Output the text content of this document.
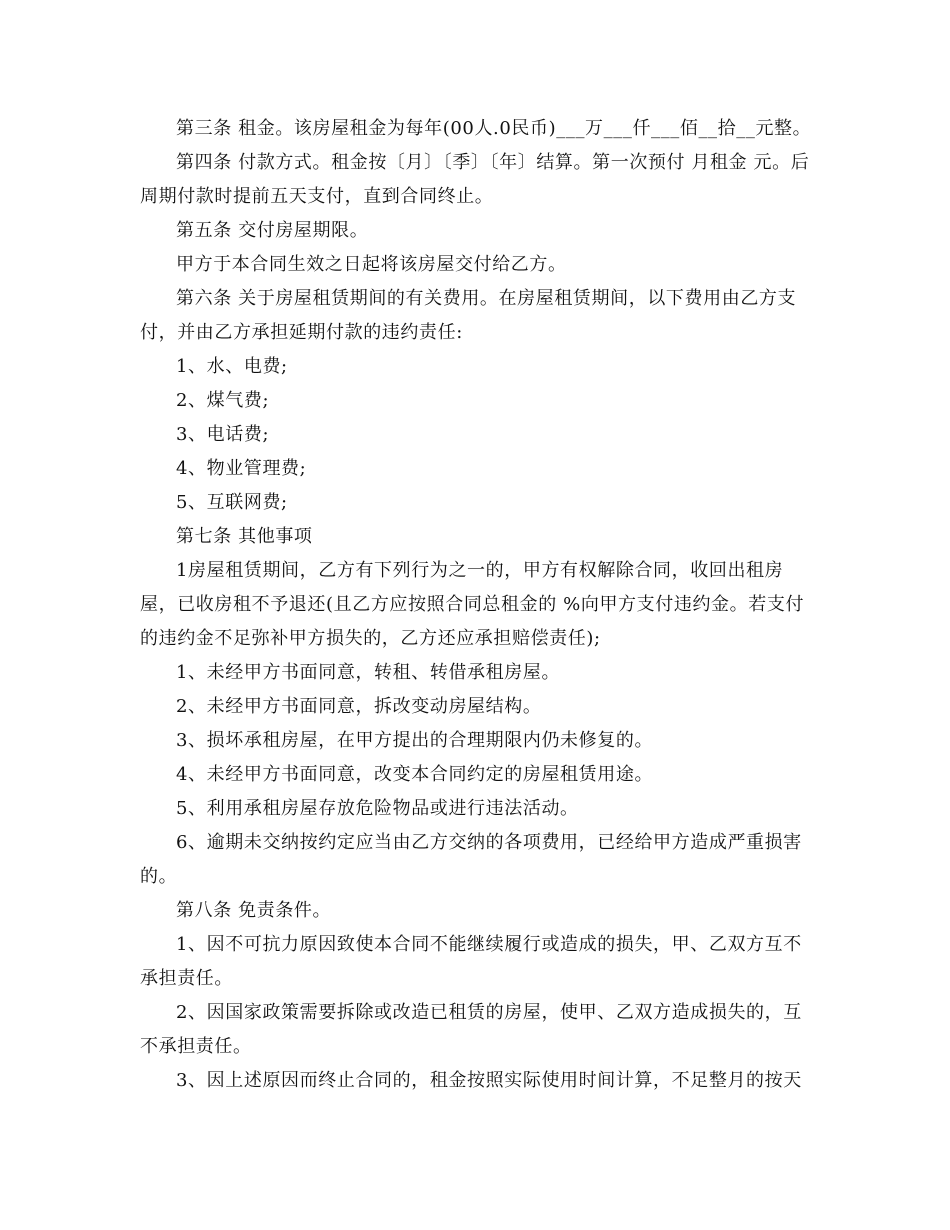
第三条 租金。该房屋租金为每年(00人.0民币)___万___仟___佰__拾__元整。

第四条 付款方式。租金按〔月〕〔季〕〔年〕结算。第一次预付 月租金 元。后周期付款时提前五天支付，直到合同终止。

第五条 交付房屋期限。

甲方于本合同生效之日起将该房屋交付给乙方。

第六条 关于房屋租赁期间的有关费用。在房屋租赁期间，以下费用由乙方支付，并由乙方承担延期付款的违约责任:

1、水、电费;

2、煤气费;

3、电话费;

4、物业管理费;

5、互联网费;

第七条 其他事项

1房屋租赁期间，乙方有下列行为之一的，甲方有权解除合同，收回出租房屋，已收房租不予退还(且乙方应按照合同总租金的 %向甲方支付违约金。若支付的违约金不足弥补甲方损失的，乙方还应承担赔偿责任);

1、未经甲方书面同意，转租、转借承租房屋。

2、未经甲方书面同意，拆改变动房屋结构。

3、损坏承租房屋，在甲方提出的合理期限内仍未修复的。

4、未经甲方书面同意，改变本合同约定的房屋租赁用途。

5、利用承租房屋存放危险物品或进行违法活动。

6、逾期未交纳按约定应当由乙方交纳的各项费用，已经给甲方造成严重损害的。

第八条 免责条件。

1、因不可抗力原因致使本合同不能继续履行或造成的损失，甲、乙双方互不承担责任。

2、因国家政策需要拆除或改造已租赁的房屋，使甲、乙双方造成损失的，互不承担责任。

3、因上述原因而终止合同的，租金按照实际使用时间计算，不足整月的按天
